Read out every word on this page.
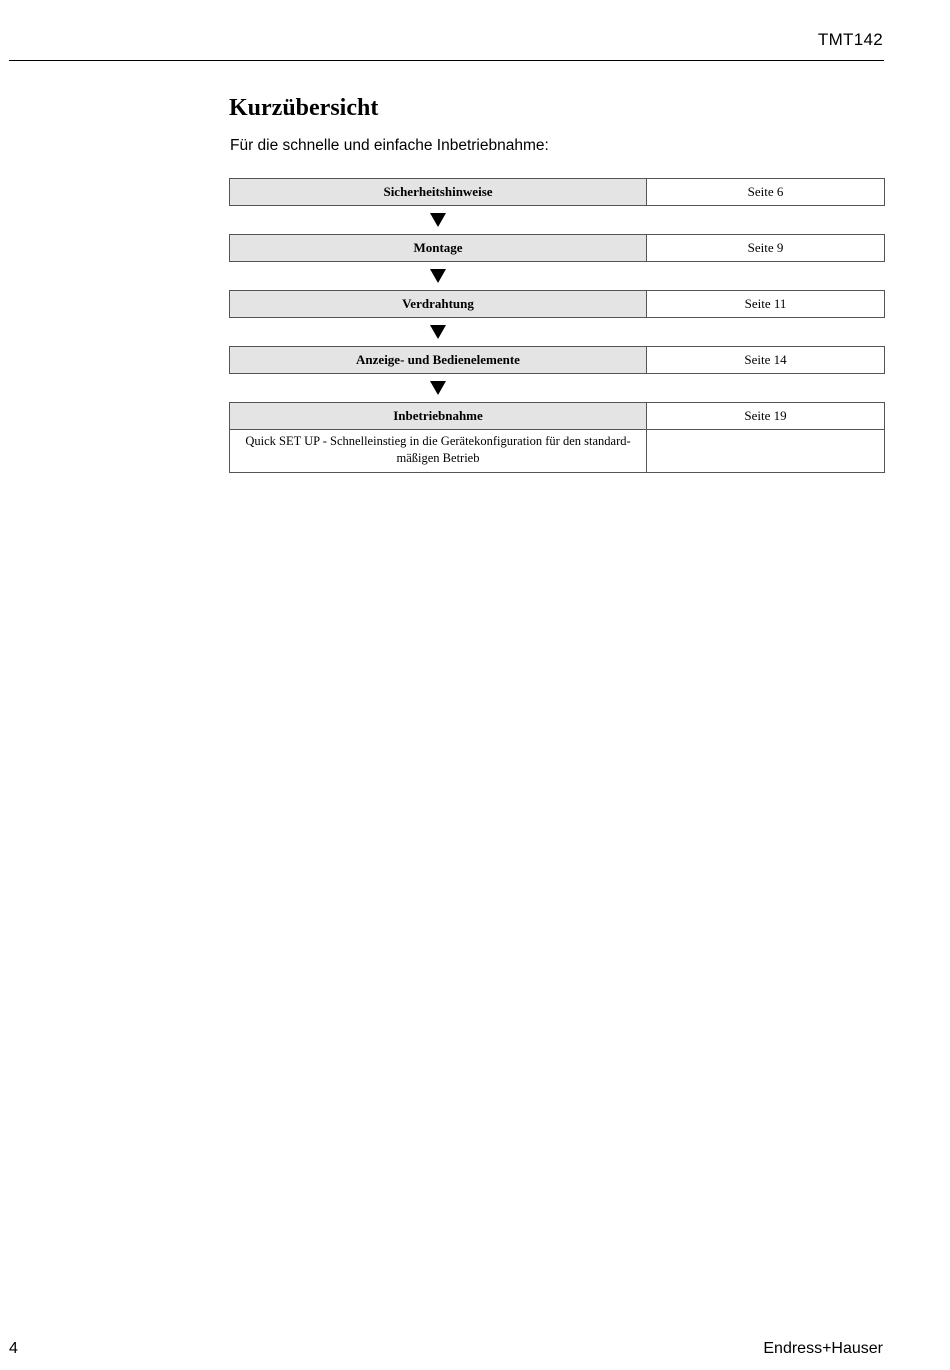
TMT142
Kurzübersicht
Für die schnelle und einfache Inbetriebnahme:
Sicherheitshinweise	Seite 6
Montage	Seite 9
Verdrahtung	Seite 11
Anzeige- und Bedienelemente	Seite 14
Inbetriebnahme	Seite 19
Quick SET UP - Schnelleinstieg in die Gerätekonfiguration für den standard-mäßigen Betrieb
4	Endress+Hauser
